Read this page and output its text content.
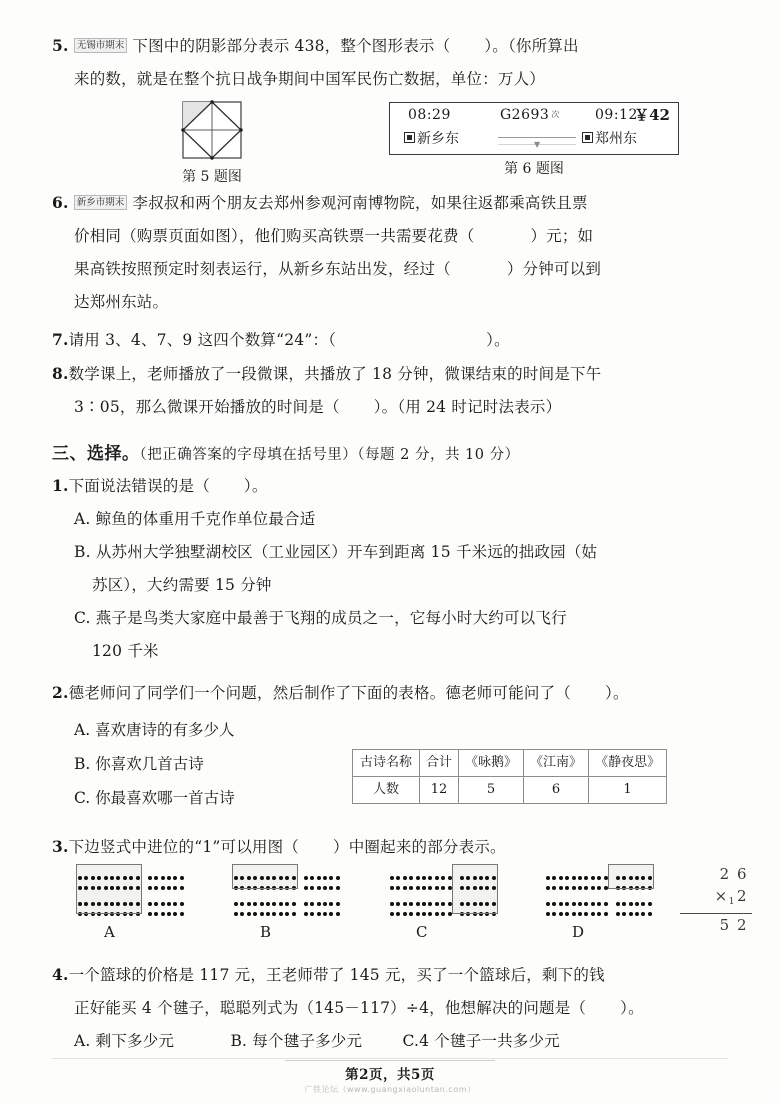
5. 无锡市期末 下图中的阴影部分表示 438，整个图形表示（ ）。（你所算出
来的数，就是在整个抗日战争期间中国军民伤亡数据，单位：万人）
第 5 题图
08:29	G2693 次	09:12
￥42
▼
新乡东	郑州东
第 6 题图
6. 新乡市期末 李叔叔和两个朋友去郑州参观河南博物院，如果往返都乘高铁且票
价相同（购票页面如图），他们购买高铁票一共需要花费（	）元；如
果高铁按照预定时刻表运行，从新乡东站出发，经过（	）分钟可以到
达郑州东站。
7.请用 3、4、7、9 这四个数算“24”：（	）。
8.数学课上，老师播放了一段微课，共播放了 18 分钟，微课结束的时间是下午
3∶05，那么微课开始播放的时间是（ ）。（用 24 时记时法表示）
三、选择。（把正确答案的字母填在括号里）（每题 2 分，共 10 分）
1.下面说法错误的是（ ）。
A. 鲸鱼的体重用千克作单位最合适
B. 从苏州大学独墅湖校区（工业园区）开车到距离 15 千米远的拙政园（姑
苏区），大约需要 15 分钟
C. 燕子是鸟类大家庭中最善于飞翔的成员之一，它每小时大约可以飞行
120 千米
2.德老师问了同学们一个问题，然后制作了下面的表格。德老师可能问了（ ）。
A. 喜欢唐诗的有多少人
B. 你喜欢几首古诗
C. 你最喜欢哪一首古诗
古诗名称	合计	《咏鹅》	《江南》	《静夜思》
人数	12	5	6	1
3.下边竖式中进位的“1”可以用图（ ）中圈起来的部分表示。
A	B	C	D
2 6
$\times_12$
5 2
4.一个篮球的价格是 117 元，王老师带了 145 元，买了一个篮球后，剩下的钱
正好能买 4 个毽子，聪聪列式为（145－117）÷4，他想解决的问题是（ ）。
A. 剩下多少元	B. 每个毽子多少元	C.4 个毽子一共多少元
第2页，共5页
广铁论坛（www.guangxiaoluntan.com）
